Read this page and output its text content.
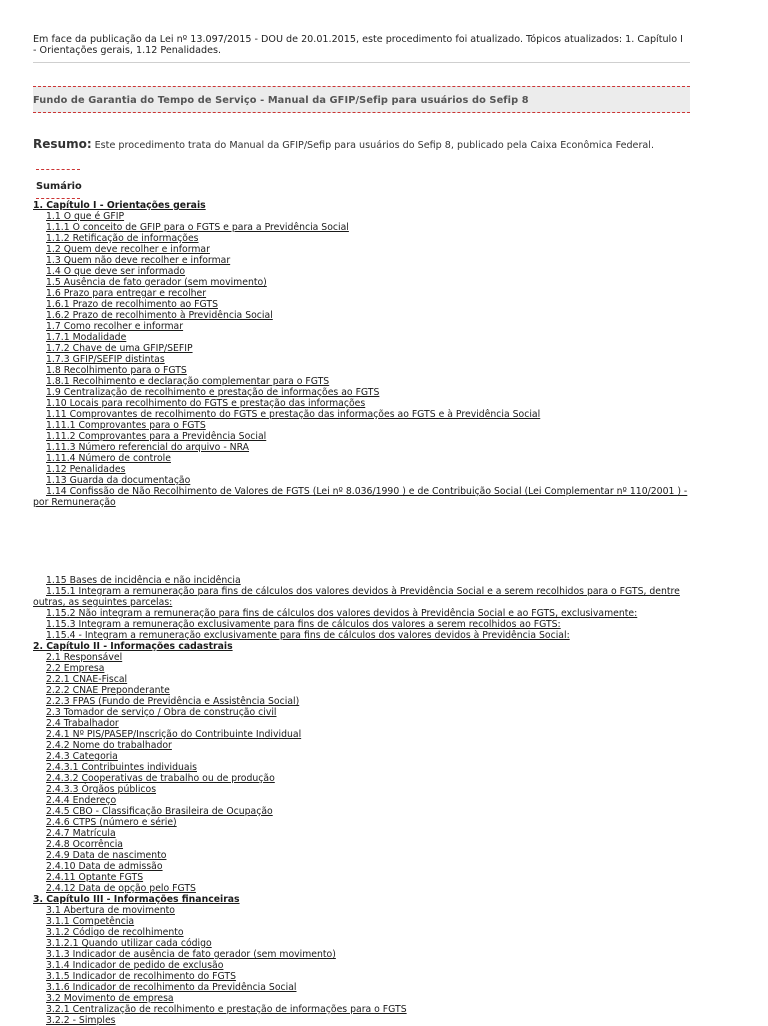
Em face da publicação da Lei nº 13.097/2015 - DOU de 20.01.2015, este procedimento foi atualizado. Tópicos atualizados: 1. Capítulo I - Orientações gerais, 1.12 Penalidades.
Fundo de Garantia do Tempo de Serviço - Manual da GFIP/Sefip para usuários do Sefip 8
Resumo: Este procedimento trata do Manual da GFIP/Sefip para usuários do Sefip 8, publicado pela Caixa Econômica Federal.
Sumário
1. Capítulo I - Orientações gerais
1.1 O que é GFIP
1.1.1 O conceito de GFIP para o FGTS e para a Previdência Social
1.1.2 Retificação de informações
1.2 Quem deve recolher e informar
1.3 Quem não deve recolher e informar
1.4 O que deve ser informado
1.5 Ausência de fato gerador (sem movimento)
1.6 Prazo para entregar e recolher
1.6.1 Prazo de recolhimento ao FGTS
1.6.2 Prazo de recolhimento à Previdência Social
1.7 Como recolher e informar
1.7.1 Modalidade
1.7.2 Chave de uma GFIP/SEFIP
1.7.3 GFIP/SEFIP distintas
1.8 Recolhimento para o FGTS
1.8.1 Recolhimento e declaração complementar para o FGTS
1.9 Centralização de recolhimento e prestação de informações ao FGTS
1.10 Locais para recolhimento do FGTS e prestação das informações
1.11 Comprovantes de recolhimento do FGTS e prestação das informações ao FGTS e à Previdência Social
1.11.1 Comprovantes para o FGTS
1.11.2 Comprovantes para a Previdência Social
1.11.3 Número referencial do arquivo - NRA
1.11.4 Número de controle
1.12 Penalidades
1.13 Guarda da documentação
1.14 Confissão de Não Recolhimento de Valores de FGTS (Lei nº 8.036/1990 ) e de Contribuição Social (Lei Complementar nº 110/2001 ) - por Remuneração
1.15 Bases de incidência e não incidência
1.15.1 Integram a remuneração para fins de cálculos dos valores devidos à Previdência Social e a serem recolhidos para o FGTS, dentre outras, as seguintes parcelas:
1.15.2 Não integram a remuneração para fins de cálculos dos valores devidos à Previdência Social e ao FGTS, exclusivamente:
1.15.3 Integram a remuneração exclusivamente para fins de cálculos dos valores a serem recolhidos ao FGTS:
1.15.4 - Integram a remuneração exclusivamente para fins de cálculos dos valores devidos à Previdência Social:
2. Capítulo II - Informações cadastrais
2.1 Responsável
2.2 Empresa
2.2.1 CNAE-Fiscal
2.2.2 CNAE Preponderante
2.2.3 FPAS (Fundo de Previdência e Assistência Social)
2.3 Tomador de serviço / Obra de construção civil
2.4 Trabalhador
2.4.1 Nº PIS/PASEP/Inscrição do Contribuinte Individual
2.4.2 Nome do trabalhador
2.4.3 Categoria
2.4.3.1 Contribuintes individuais
2.4.3.2 Cooperativas de trabalho ou de produção
2.4.3.3 Órgãos públicos
2.4.4 Endereço
2.4.5 CBO - Classificação Brasileira de Ocupação
2.4.6 CTPS (número e série)
2.4.7 Matrícula
2.4.8 Ocorrência
2.4.9 Data de nascimento
2.4.10 Data de admissão
2.4.11 Optante FGTS
2.4.12 Data de opção pelo FGTS
3. Capítulo III - Informações financeiras
3.1 Abertura de movimento
3.1.1 Competência
3.1.2 Código de recolhimento
3.1.2.1 Quando utilizar cada código
3.1.3 Indicador de ausência de fato gerador (sem movimento)
3.1.4 Indicador de pedido de exclusão
3.1.5 Indicador de recolhimento do FGTS
3.1.6 Indicador de recolhimento da Previdência Social
3.2 Movimento de empresa
3.2.1 Centralização de recolhimento e prestação de informações para o FGTS
3.2.2 - Simples
